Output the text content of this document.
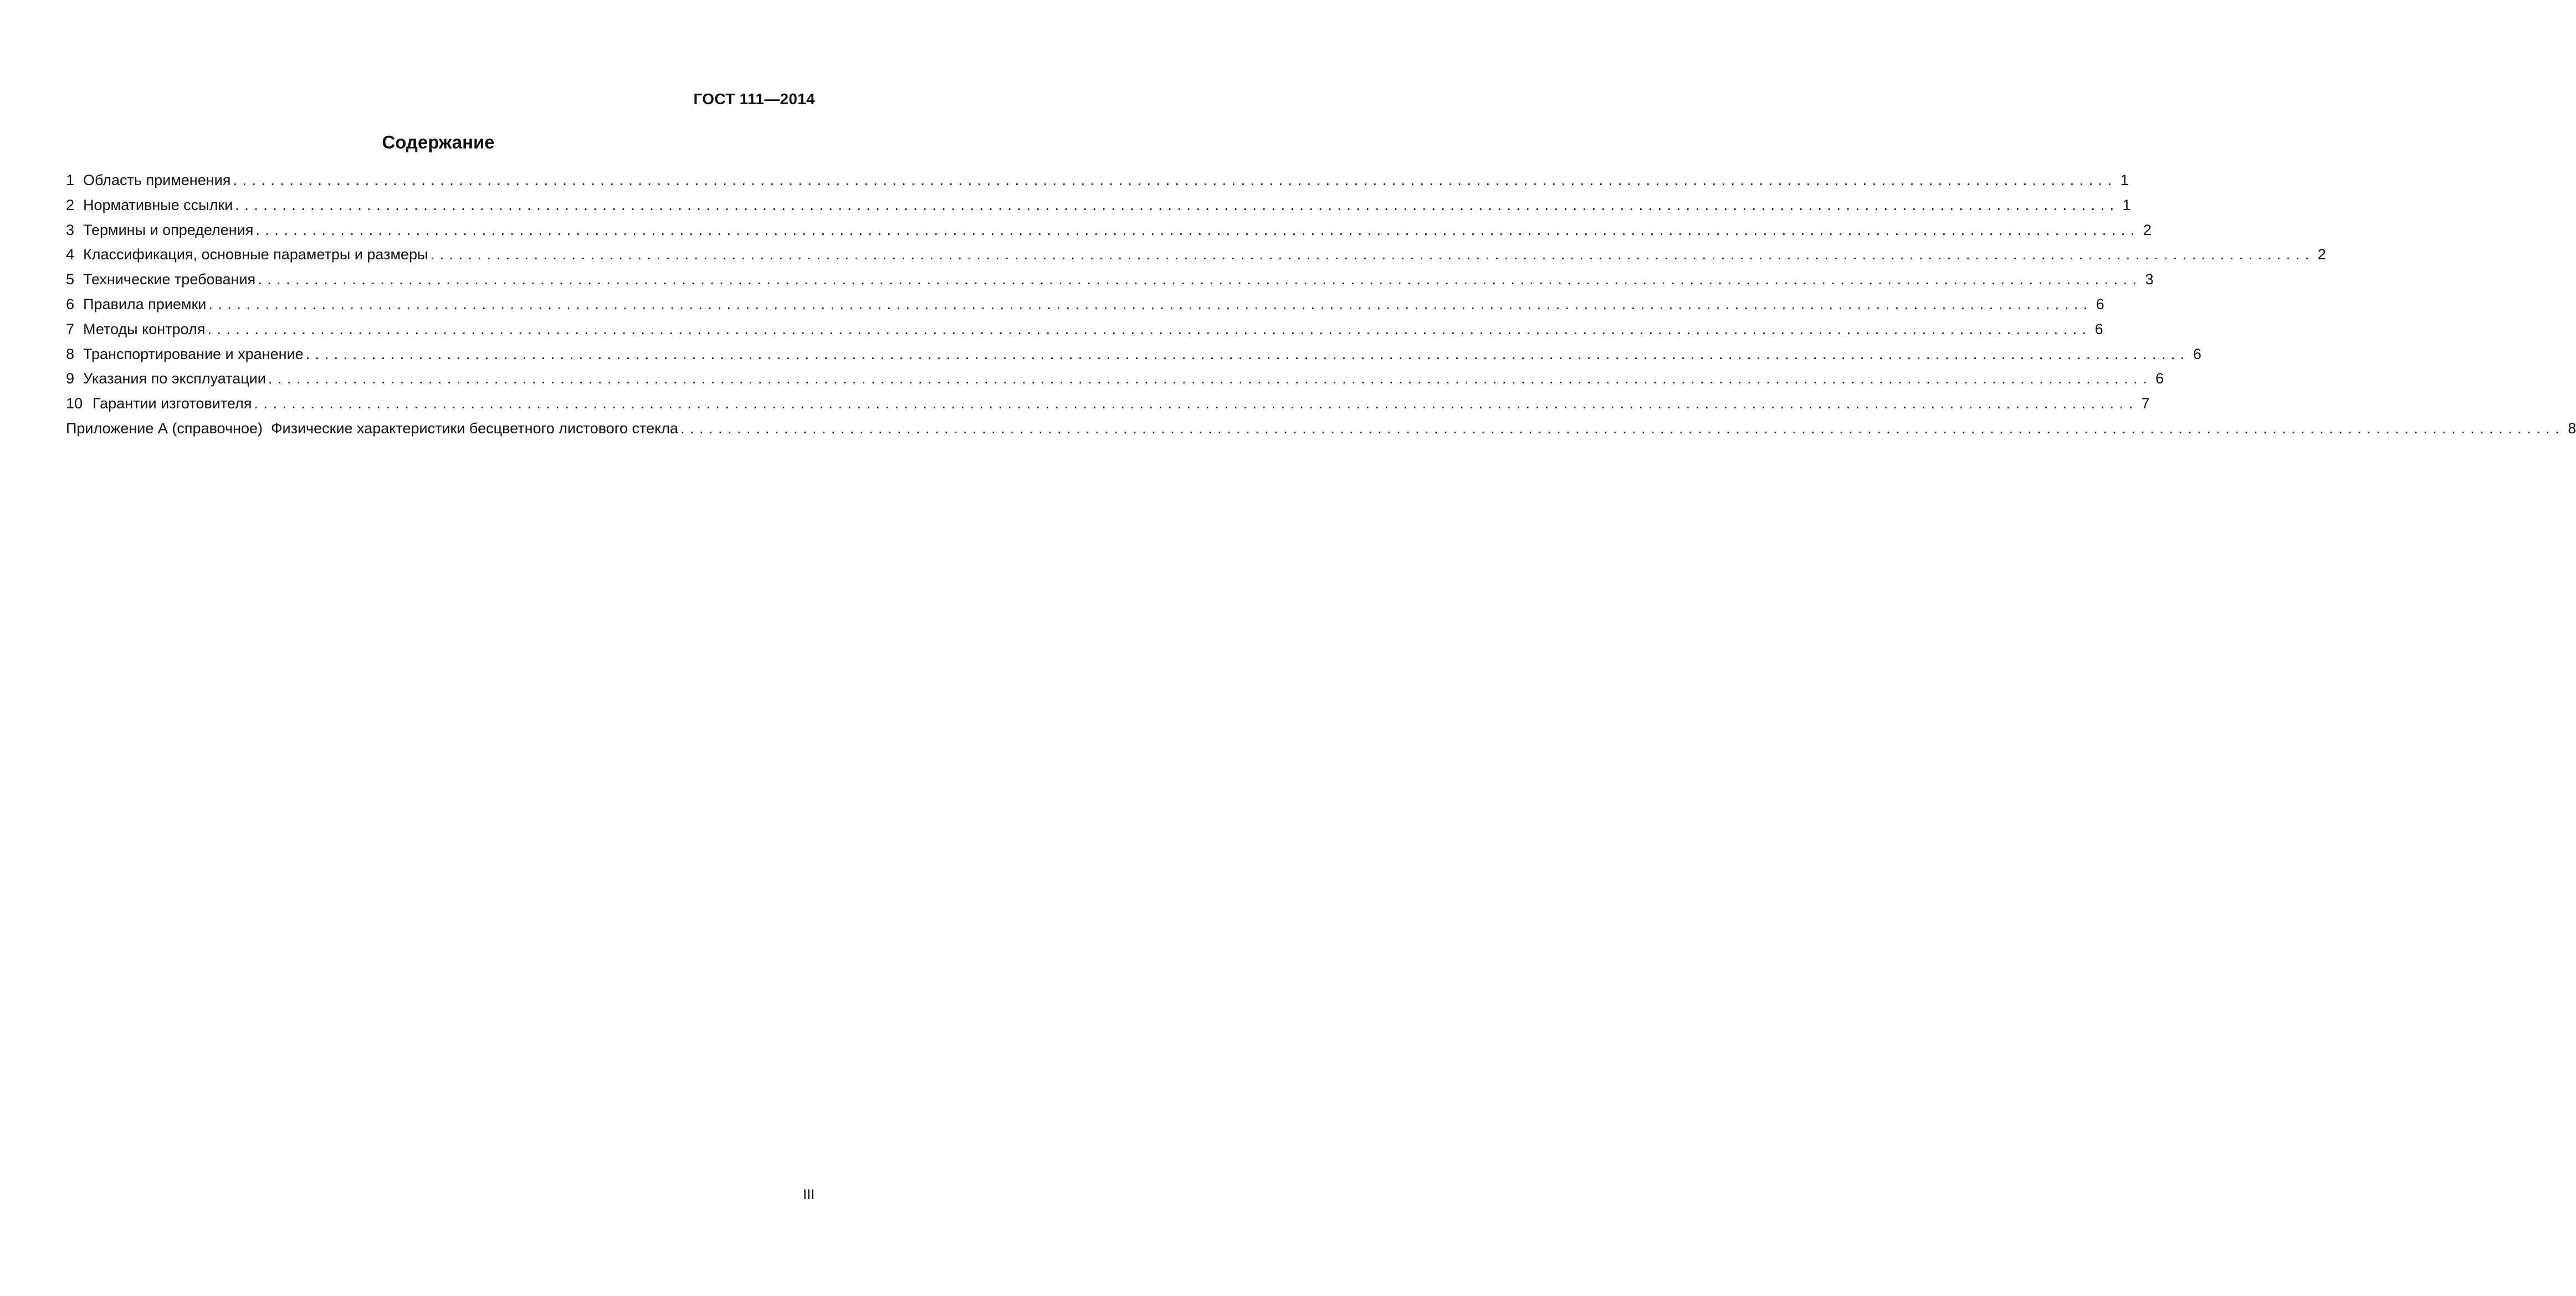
ГОСТ 111—2014
Содержание
1 Область применения ........................................................................................................................................................................................................ 1
2 Нормативные ссылки ........................................................................................................................................................................................................ 1
3 Термины и определения ........................................................................................................................................................................................................ 2
4 Классификация, основные параметры и размеры ........................................................................................................................................................................................................ 2
5 Технические требования ........................................................................................................................................................................................................ 3
6 Правила приемки ........................................................................................................................................................................................................ 6
7 Методы контроля ........................................................................................................................................................................................................ 6
8 Транспортирование и хранение ........................................................................................................................................................................................................ 6
9 Указания по эксплуатации ........................................................................................................................................................................................................ 6
10 Гарантии изготовителя ........................................................................................................................................................................................................ 7
Приложение А (справочное)  Физические характеристики бесцветного листового стекла ........................................................................................................................................................................................................ 8
III
